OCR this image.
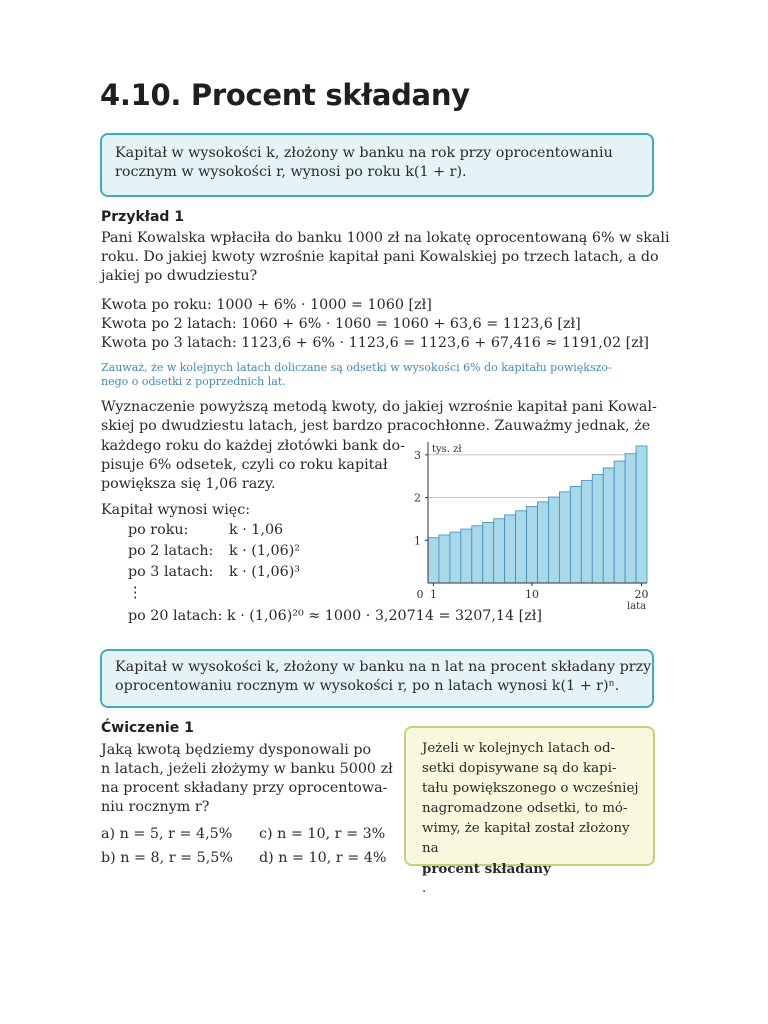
4.10. Procent składany
Kapitał w wysokości k, złożony w banku na rok przy oprocentowaniu
rocznym w wysokości r, wynosi po roku k(1 + r).
Przykład 1
Pani Kowalska wpłaciła do banku 1000 zł na lokatę oprocentowaną 6% w skali
roku. Do jakiej kwoty wzrośnie kapitał pani Kowalskiej po trzech latach, a do
jakiej po dwudziestu?
Kwota po roku: 1000 + 6% · 1000 = 1060 [zł]
Kwota po 2 latach: 1060 + 6% · 1060 = 1060 + 63,6 = 1123,6 [zł]
Kwota po 3 latach: 1123,6 + 6% · 1123,6 = 1123,6 + 67,416 ≈ 1191,02 [zł]
Zauważ, że w kolejnych latach doliczane są odsetki w wysokości 6% do kapitału powiększo-
nego o odsetki z poprzednich lat.
Wyznaczenie powyższą metodą kwoty, do jakiej wzrośnie kapitał pani Kowal-
skiej po dwudziestu latach, jest bardzo pracochłonne. Zauważmy jednak, że
każdego roku do każdej złotówki bank do-
pisuje 6% odsetek, czyli co roku kapitał
powiększa się 1,06 razy.
Kapitał wynosi więc:
po roku:	k · 1,06
po 2 latach: k · (1,06)²
po 3 latach: k · (1,06)³
⋮
po 20 latach: k · (1,06)²⁰ ≈ 1000 · 3,20714 = 3207,14 [zł]
1
2
3
0 1	10	20
tys. zł
lata
Kapitał w wysokości k, złożony w banku na n lat na procent składany przy
oprocentowaniu rocznym w wysokości r, po n latach wynosi k(1 + r)ⁿ.
Ćwiczenie 1
Jaką kwotą będziemy dysponowali po
n latach, jeżeli złożymy w banku 5000 zł
na procent składany przy oprocentowa-
niu rocznym r?
a) n = 5, r = 4,5% c) n = 10, r = 3%
b) n = 8, r = 5,5% d) n = 10, r = 4%
Jeżeli w kolejnych latach od-
setki dopisywane są do kapi-
tału powiększonego o wcześniej
nagromadzone odsetki, to mó-
wimy, że kapitał został złożony
na
procent składany
.
